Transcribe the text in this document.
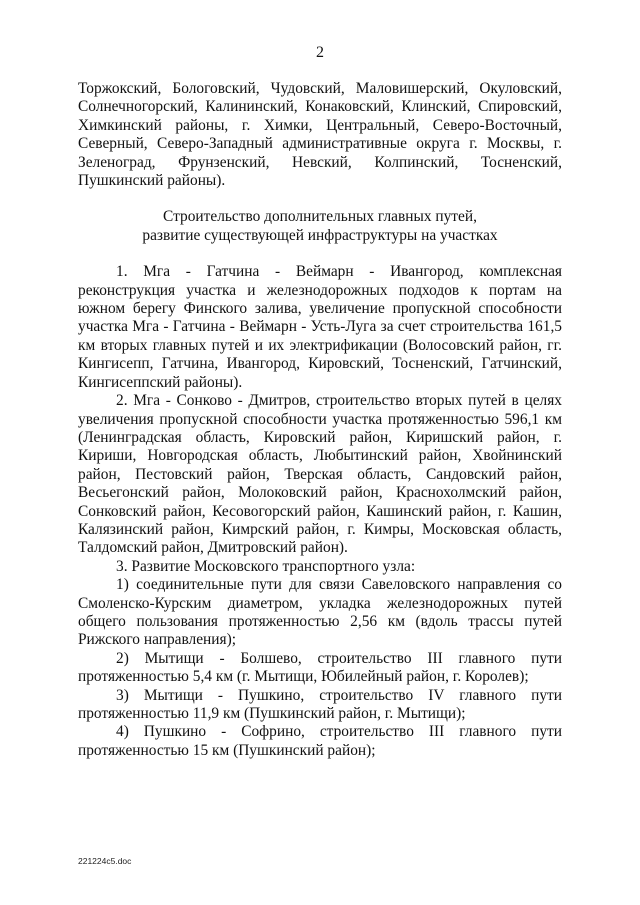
2

Торжокский, Бологовский, Чудовский, Маловишерский, Окуловский, Солнечногорский, Калининский, Конаковский, Клинский, Спировский, Химкинский районы, г. Химки, Центральный, Северо-Восточный, Северный, Северо-Западный административные округа г. Москвы, г. Зеленоград, Фрунзенский, Невский, Колпинский, Тосненский, Пушкинский районы).

Строительство дополнительных главных путей,
развитие существующей инфраструктуры на участках

1. Мга - Гатчина - Веймарн - Ивангород, комплексная реконструкция участка и железнодорожных подходов к портам на южном берегу Финского залива, увеличение пропускной способности участка Мга - Гатчина - Веймарн - Усть-Луга за счет строительства 161,5 км вторых главных путей и их электрификации (Волосовский район, гг. Кингисепп, Гатчина, Ивангород, Кировский, Тосненский, Гатчинский, Кингисеппский районы).

2. Мга - Сонково - Дмитров, строительство вторых путей в целях увеличения пропускной способности участка протяженностью 596,1 км (Ленинградская область, Кировский район, Киришский район, г. Кириши, Новгородская область, Любытинский район, Хвойнинский район, Пестовский район, Тверская область, Сандовский район, Весьегонский район, Молоковский район, Краснохолмский район, Сонковский район, Кесовогорский район, Кашинский район, г. Кашин, Калязинский район, Кимрский район, г. Кимры, Московская область, Талдомский район, Дмитровский район).

3. Развитие Московского транспортного узла:

1) соединительные пути для связи Савеловского направления со Смоленско-Курским диаметром, укладка железнодорожных путей общего пользования протяженностью 2,56 км (вдоль трассы путей Рижского направления);

2) Мытищи - Болшево, строительство III главного пути протяженностью 5,4 км (г. Мытищи, Юбилейный район, г. Королев);

3) Мытищи - Пушкино, строительство IV главного пути протяженностью 11,9 км (Пушкинский район, г. Мытищи);

4) Пушкино - Софрино, строительство III главного пути протяженностью 15 км (Пушкинский район);

221224c5.doc
